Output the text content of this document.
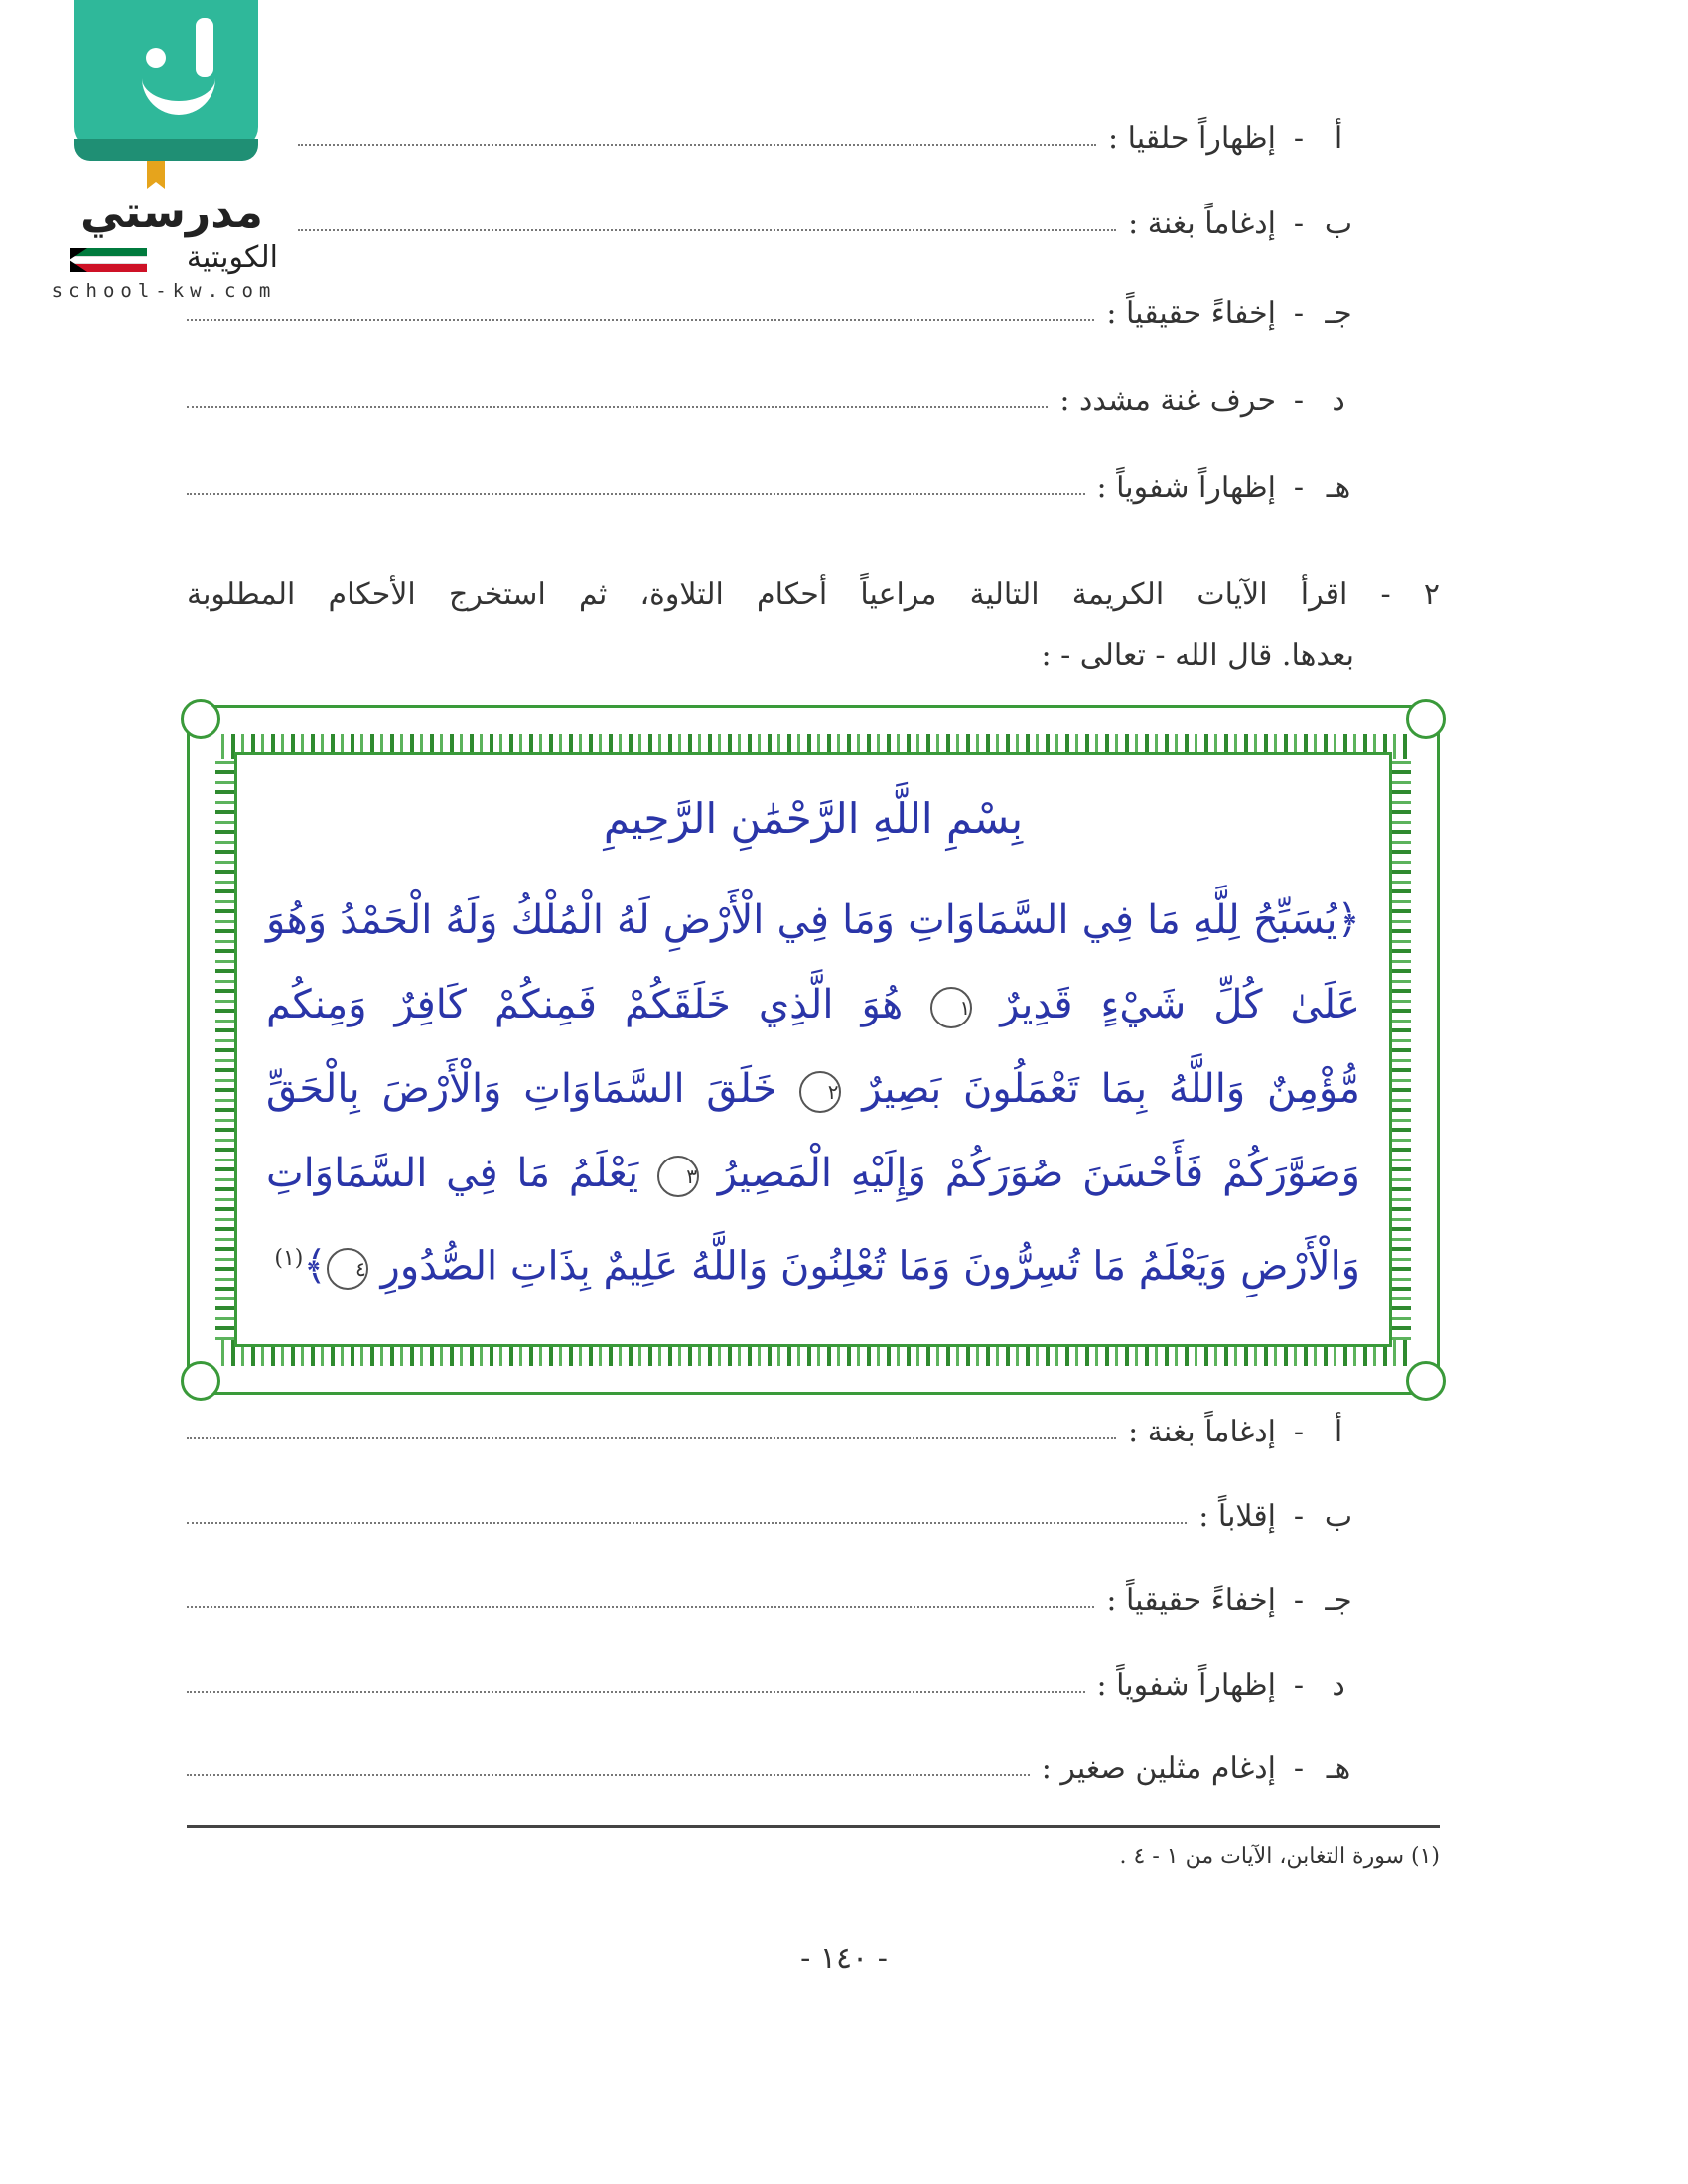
مدرستي
الكويتية
school-kw.com
أ
-
إظهاراً حلقيا :
ب
-
إدغاماً بغنة :
جـ
-
إخفاءً حقيقياً :
د
-
حرف غنة مشدد :
هـ
-
إظهاراً شفوياً :
٢ - اقرأ الآيات الكريمة التالية مراعياً أحكام التلاوة، ثم استخرج الأحكام المطلوبة
بعدها. قال الله - تعالى - :
بِسْمِ اللَّهِ الرَّحْمَٰنِ الرَّحِيمِ
﴿يُسَبِّحُ لِلَّهِ مَا فِي السَّمَاوَاتِ وَمَا فِي الْأَرْضِ لَهُ الْمُلْكُ وَلَهُ الْحَمْدُ وَهُوَ
عَلَىٰ كُلِّ شَيْءٍ قَدِيرٌ ١ هُوَ الَّذِي خَلَقَكُمْ فَمِنكُمْ كَافِرٌ وَمِنكُم
مُّؤْمِنٌ وَاللَّهُ بِمَا تَعْمَلُونَ بَصِيرٌ ٢ خَلَقَ السَّمَاوَاتِ وَالْأَرْضَ بِالْحَقِّ
وَصَوَّرَكُمْ فَأَحْسَنَ صُوَرَكُمْ وَإِلَيْهِ الْمَصِيرُ ٣ يَعْلَمُ مَا فِي السَّمَاوَاتِ
وَالْأَرْضِ وَيَعْلَمُ مَا تُسِرُّونَ وَمَا تُعْلِنُونَ وَاللَّهُ عَلِيمٌ بِذَاتِ الصُّدُورِ ٤﴾$^{(١)}$
أ
-
إدغاماً بغنة :
ب
-
إقلاباً :
جـ
-
إخفاءً حقيقياً :
د
-
إظهاراً شفوياً :
هـ
-
إدغام مثلين صغير :
(١) سورة التغابن، الآيات من ١ - ٤ .
- ١٤٠ -
